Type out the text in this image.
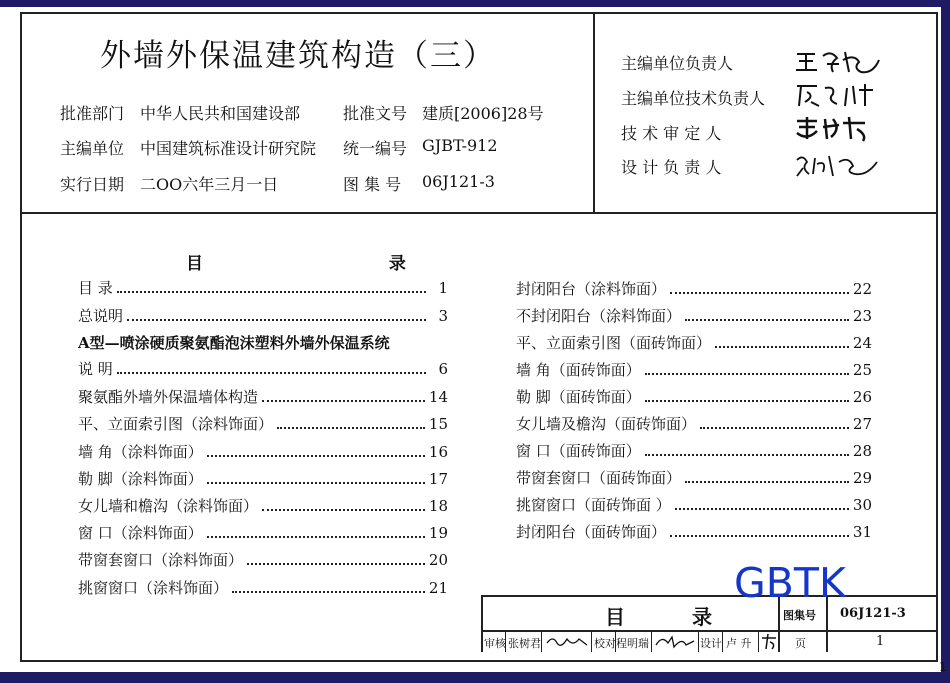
1
外墙外保温建筑构造（三）
批准部门 中华人民共和国建设部	批准文号 建质[2006]28号
主编单位 中国建筑标准设计研究院 统一编号 GJBT-912
实行日期 二OO六年三月一日	图 集 号 06J121-3
主编单位负责人
主编单位技术负责人
技 术 审 定 人
设 计 负 责 人
目 录
目 录	1
总说明	3
A型—喷涂硬质聚氨酯泡沫塑料外墙外保温系统
说 明	6
聚氨酯外墙外保温墙体构造	14
平、立面索引图（涂料饰面）	15
墙 角（涂料饰面）	16
勒 脚（涂料饰面）	17
女儿墙和檐沟（涂料饰面）	18
窗 口（涂料饰面）	19
带窗套窗口（涂料饰面）	20
挑窗窗口（涂料饰面）	21
封闭阳台（涂料饰面）	22
不封闭阳台（涂料饰面）	23
平、立面索引图（面砖饰面）	24
墙 角（面砖饰面）	25
勒 脚（面砖饰面）	26
女儿墙及檐沟（面砖饰面）	27
窗 口（面砖饰面）	28
带窗套窗口（面砖饰面）	29
挑窗窗口（面砖饰面 ）	30
封闭阳台（面砖饰面）	31
目 录	图集号 06J121-3
审核 张树君	校对 程明瑞	设计 卢 升	页	1
GBTK
